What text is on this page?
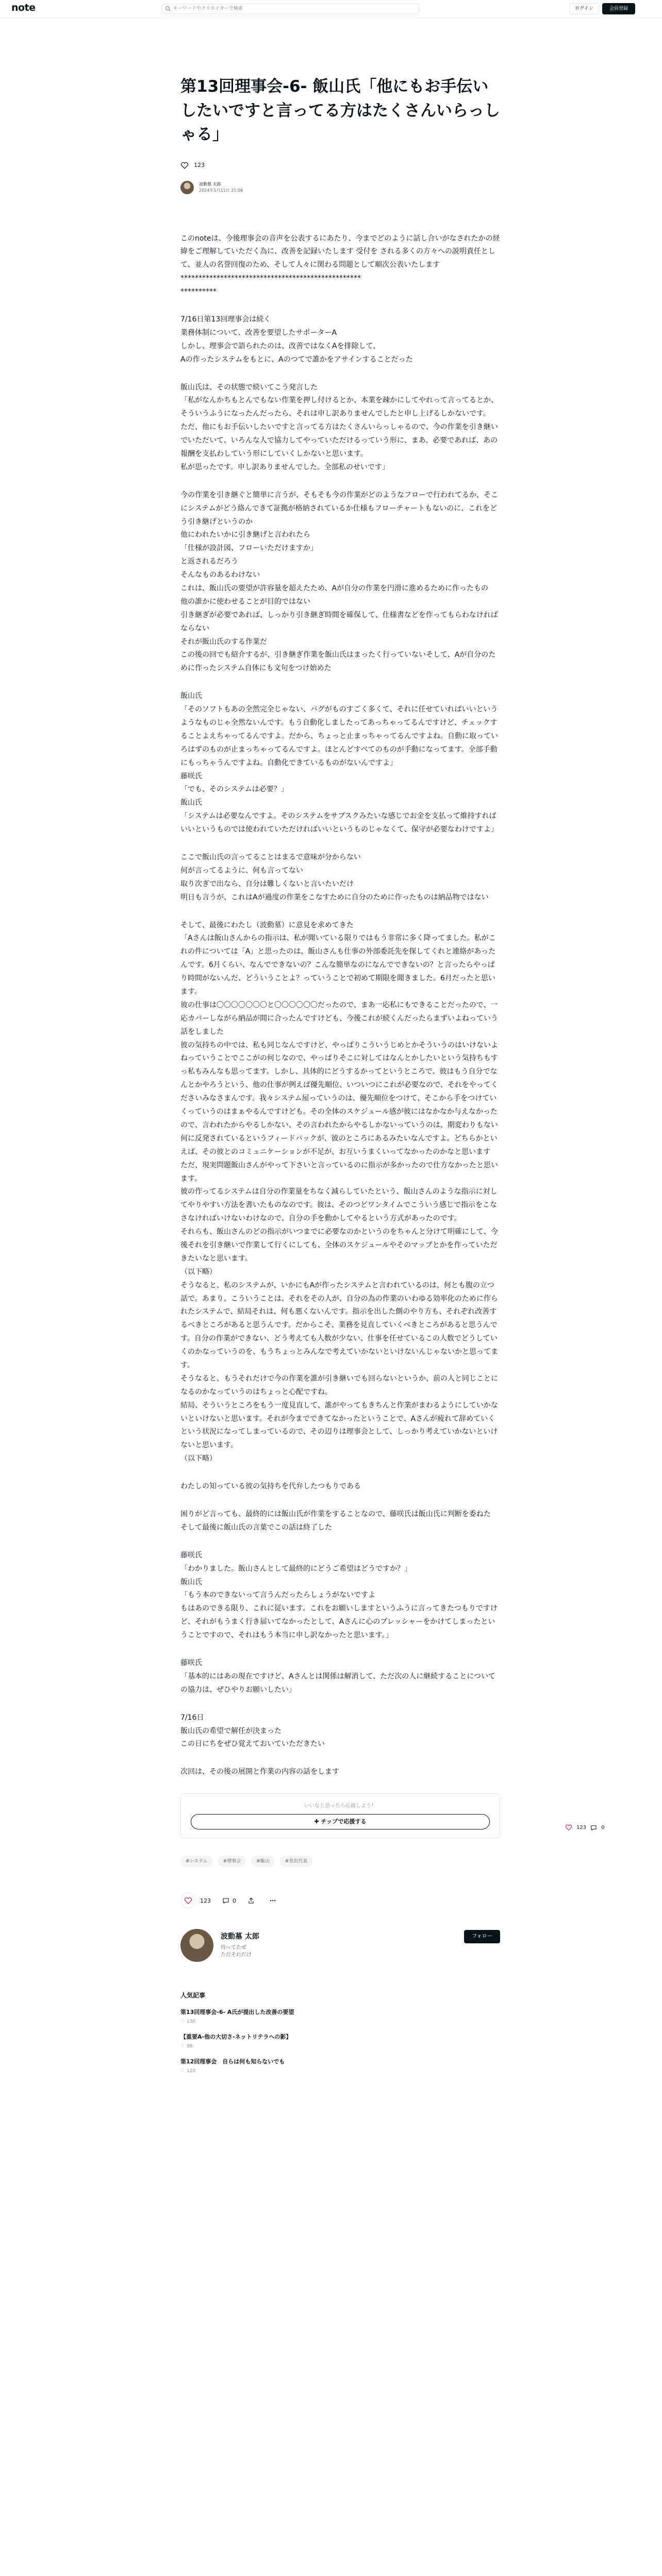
note
キーワードやクリエイターで検索	ログイン	会員登録
第13回理事会-6- 飯山氏「他にもお手伝いしたいですと言ってる方はたくさんいらっしゃる」
123
波動墓 太郎
2024年1月11日 21:06

このnoteは、今後理事会の音声を公表するにあたり、今までどのように話し合いがなされたかの経緯をご理解していただく為に、改善を記録いたします 受付を される多くの方々への説明責任として、並人の名誉回復のため、そして人々に関わる問題として順次公表いたします
**************************************************
**********

7/16日第13回理事会は続く
業務体制について、改善を要望したサポーターA
しかし、理事会で語られたのは、改善ではなくAを排除して、
Aの作ったシステムをもとに、Aのつてで誰かをアサインすることだった

飯山氏は、その状態で続いてこう発言した
「私がなんかちもとんでもない作業を押し付けるとか、本業を疎かにしてやれって言ってるとか、そういうふうになったんだったら、それは申し訳ありませんでしたと申し上げるしかないです。
ただ、他にもお手伝いしたいですと言ってる方はたくさんいらっしゃるので、今の作業を引き継いでいただいて、いろんな人で協力してやっていただけるっていう形に、まあ、必要であれば、あの報酬を支払わしていう形にしていくしかないと思います。
私が思ったです。申し訳ありませんでした。全部私のせいです」

今の作業を引き継ぐと簡単に言うが、そもそも今の作業がどのようなフローで行われてるか、そこにシステムがどう絡んできて証拠が格納されているか仕様もフローチャートもないのに、これをどう引き継げというのか
他にわれたいかに引き継げと言われたら
「仕様が設計図、フローいただけますか」
と返されるだろう
そんなものあるわけない
これは、飯山氏の要望が許容量を超えたため、Aが自分の作業を円滑に進めるために作ったもの
他の誰かに使わせることが目的ではない
引き継ぎが必要であれば、しっかり引き継ぎ時間を確保して、仕様書などを作ってもらわなければならない
それが飯山氏のする作業だ
この後の回でも紹介するが、引き継ぎ作業を飯山氏はまったく行っていないそして、Aが自分のために作ったシステム自体にも文句をつけ始めた

飯山氏
「そのソフトもあの全然完全じゃない、バグがものすごく多くて、それに任せていればいいというようなものじゃ全然ないんです。もう自動化しましたってあっちゃってるんですけど、チェックすることよえちゃってるんですよ。だから、ちょっと止まっちゃってるんですよね。自動に取っていろはずのものが止まっちゃってるんですよ。ほとんどすべてのものが手動になってます。全部手動にもっちゃうんですよね。自動化できているものがないんですよ」
藤咲氏
「でも、そのシステムは必要？」
飯山氏
「システムは必要なんですよ。そのシステムをサブスクみたいな感じでお金を支払って維持すればいいというものでは使われていただければいいというものじゃなくて、保守が必要なわけですよ」

ここで飯山氏の言ってることはまるで意味が分からない
何が言ってるように、何も言ってない
取り次ぎで出なら、自分は難しくないと言いたいだけ
明日も言うが、これはAが過度の作業をこなすために自分のために作ったものは納品物ではない

そして、最後にわたし（波動墓）に意見を求めてきた
「Aさんは飯山さんからの指示は、私が聞いている限りではもう非常に多く降ってました。私がこれの件については「A」と思ったのは、飯山さんも仕事の外部委託先を探してくれと連絡があったんです。6月くらい、なんでできないの？こんな簡単なのになんでできないの？と言ったらやっぱり時間がないんだ、どういうことよ？っていうことで初めて期限を聞きました。6月だったと思います。
彼の仕事は〇〇〇〇〇〇〇と〇〇〇〇〇〇だったので、まあ一応私にもできることだったので、一応カバーしながら納品が間に合ったんですけども、今後これが続くんだったらまずいよねっていう話をしました
彼の気持ちの中では、私も同じなんですけど、やっぱりこういうじめとかそういうのはいけないよねっていうことでここがの何じなので、やっぱりそこに対してはなんとかしたいという気持ちもすっ私もみんなも思ってます。しかし、具体的にどうするかってというところで、彼はもう自分でなんとかやろうという、他の仕事が例えば優先順位、いついつにこれが必要なので、それをやってくださいみなさまんです。我々システム屋っていうのは、優先順位をつけて、そこから手をつけていくっていうのはまぁやるんですけども。その全体のスケジュール感が彼にはなかなか与えなかったので、言われたからやるしかない、その言われたからやるしかないっていうのは、期変わりもない何に反発されているというフィードバックが、彼のところにあるみたいなんですよ。どちらかといえば、その彼とのコミュニケーションが不足が、お互いうまくいってなかったのかなと思います
ただ、現実問題飯山さんがやって下さいと言っているのに指示が多かったので仕方なかったと思います。
彼の作ってるシステムは自分の作業量をちなく減らしていたという、飯山さんのような指示に対してやりやすい方法を書いたものなのです。彼は、そのつどワンタイムでこういう感じで指示をこなさなければいけないわけなので、自分の手を動かしてやるという方式があったのです。
それらも、飯山さんのどの指示がいつまでに必要なのかというのをちゃんと分けて明確にして、今後それを引き継いで作業して行くにしても、全体のスケジュールやそのマップとかを作っていただきたいなと思います。
（以下略）
そうなると、私のシステムが、いかにもAが作ったシステムと言われているのは、何とも腹の立つ話で。あまり、こういうことは、それをその人が、自分の為の作業のいわゆる効率化のために作られたシステムで、結局それは、何も悪くないんです。指示を出した側のやり方も、それぞれ改善するべきところがあると思うんです。だからこそ、業務を見直していくべきところがあると思うんです。自分の作業ができない、どう考えても人数が少ない、仕事を任せているこの人数でどうしていくのかなっていうのを、もうちょっとみんなで考えていかないといけないんじゃないかと思ってます。
そうなると、もうそれだけで今の作業を誰が引き継いでも回らないというか、前の人と同じことになるのかなっていうのはちょっと心配ですね。
結局、そういうところをもう一度見直して、誰がやってもきちんと作業がまわるようにしていかないといけないと思います。それが今までできてなかったということで、Aさんが疲れて辞めていくという状況になってしまっているので、その辺りは理事会として、しっかり考えていかないといけないと思います。
（以下略）

わたしの知っている彼の気持ちを代弁したつもりである

困りがど言っても、最終的には飯山氏が作業をすることなので、藤咲氏は飯山氏に判断を委ねた
そして最後に飯山氏の言葉でこの話は終了した

藤咲氏
「わかりました。飯山さんとして最終的にどうご希望はどうですか？」
飯山氏
「もう本のできないって言うんだったらしょうがないですよ
もはあのできる限り、これに従います。これをお願いしますというふうに言ってきたつもりですけど、それがもうまく行き届いてなかったとして、Aさんに心のプレッシャーをかけてしまったということですので、それはもう本当に申し訳なかったと思います。」

藤咲氏
「基本的にはあの現在ですけど、Aさんとは関係は解消して、ただ次の人に継続することについての協力は、ぜひやりお願いしたい」

7/16日
飯山氏の希望で解任が決まった
この日にちをぜひ覚えておいていただきたい

次回は、その後の展開と作業の内容の話をします

いいなと思ったら応援しよう！
✚ チップで応援する
#システム	#理事会	#飯山	#差出代表
123	0
波動墓 太郎
待ってたぜ
ただそれだけ
フォロー
人気記事
第13回理事会-6- A氏が提出した改善の要望
♡ 130
【重要A-他の大切さ-ネットリテラへの影】
♡ 98
第12回理事会　自らは何も知らないでも
♡ 120
123	0
